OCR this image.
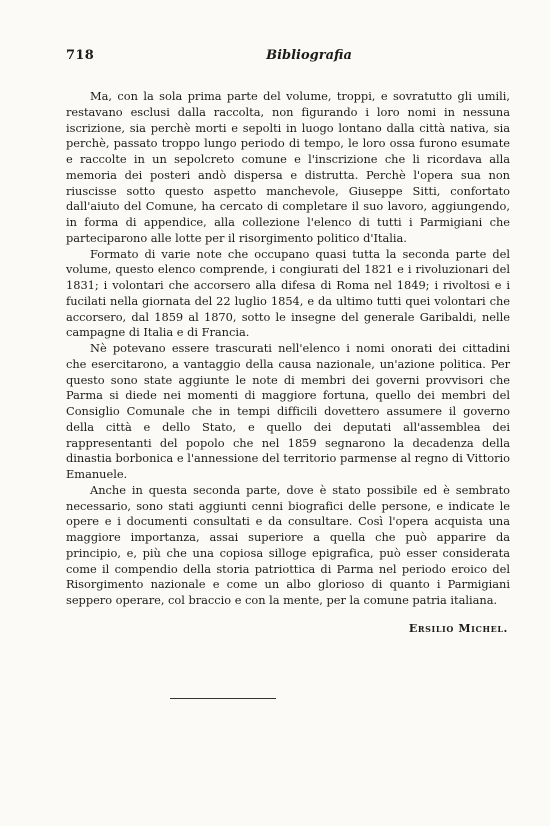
718	Bibliografia

Ma, con la sola prima parte del volume, troppi, e sovratutto gli umili, restavano esclusi dalla raccolta, non figurando i loro nomi in nessuna iscrizione, sia perchè morti e sepolti in luogo lontano dalla città nativa, sia perchè, passato troppo lungo periodo di tempo, le loro ossa furono esumate e raccolte in un sepolcreto comune e l'inscrizione che li ricordava alla memoria dei posteri andò dispersa e distrutta. Perchè l'opera sua non riuscisse sotto questo aspetto manchevole, Giuseppe Sitti, confortato dall'aiuto del Comune, ha cercato di completare il suo lavoro, aggiungendo, in forma di appendice, alla collezione l'elenco di tutti i Parmigiani che parteciparono alle lotte per il risorgimento politico d'Italia.

Formato di varie note che occupano quasi tutta la seconda parte del volume, questo elenco comprende, i congiurati del 1821 e i rivoluzionari del 1831; i volontari che accorsero alla difesa di Roma nel 1849; i rivoltosi e i fucilati nella giornata del 22 luglio 1854, e da ultimo tutti quei volontari che accorsero, dal 1859 al 1870, sotto le insegne del generale Garibaldi, nelle campagne di Italia e di Francia.

Nè potevano essere trascurati nell'elenco i nomi onorati dei cittadini che esercitarono, a vantaggio della causa nazionale, un'azione politica. Per questo sono state aggiunte le note di membri dei governi provvisori che Parma si diede nei momenti di maggiore fortuna, quello dei membri del Consiglio Comunale che in tempi difficili dovettero assumere il governo della città e dello Stato, e quello dei deputati all'assemblea dei rappresentanti del popolo che nel 1859 segnarono la decadenza della dinastia borbonica e l'annessione del territorio parmense al regno di Vittorio Emanuele.

Anche in questa seconda parte, dove è stato possibile ed è sembrato necessario, sono stati aggiunti cenni biografici delle persone, e indicate le opere e i documenti consultati e da consultare. Così l'opera acquista una maggiore importanza, assai superiore a quella che può apparire da principio, e, più che una copiosa silloge epigrafica, può esser considerata come il compendio della storia patriottica di Parma nel periodo eroico del Risorgimento nazionale e come un albo glorioso di quanto i Parmigiani seppero operare, col braccio e con la mente, per la comune patria italiana.

Ersilio Michel.
